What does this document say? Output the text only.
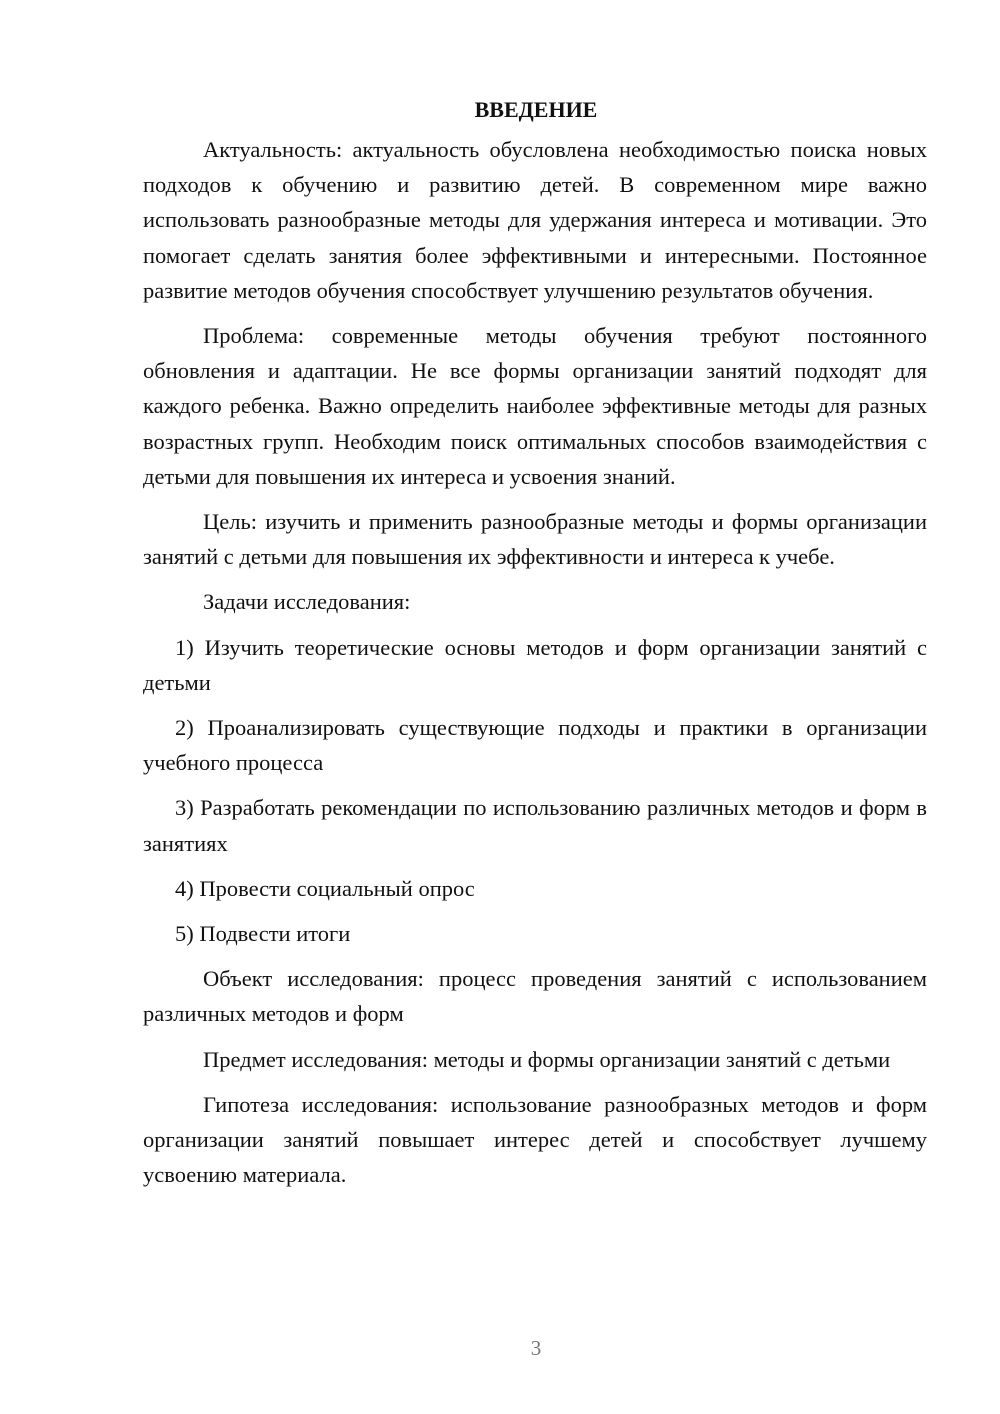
ВВЕДЕНИЕ

Актуальность: актуальность обусловлена необходимостью поиска новых подходов к обучению и развитию детей. В современном мире важно использовать разнообразные методы для удержания интереса и мотивации. Это помогает сделать занятия более эффективными и интересными. Постоянное развитие методов обучения способствует улучшению результатов обучения.

Проблема: современные методы обучения требуют постоянного обновления и адаптации. Не все формы организации занятий подходят для каждого ребенка. Важно определить наиболее эффективные методы для разных возрастных групп. Необходим поиск оптимальных способов взаимодействия с детьми для повышения их интереса и усвоения знаний.

Цель: изучить и применить разнообразные методы и формы организации занятий с детьми для повышения их эффективности и интереса к учебе.

Задачи исследования:

1) Изучить теоретические основы методов и форм организации занятий с детьми

2) Проанализировать существующие подходы и практики в организации учебного процесса

3) Разработать рекомендации по использованию различных методов и форм в занятиях

4) Провести социальный опрос

5) Подвести итоги

Объект исследования: процесс проведения занятий с использованием различных методов и форм

Предмет исследования: методы и формы организации занятий с детьми

Гипотеза исследования: использование разнообразных методов и форм организации занятий повышает интерес детей и способствует лучшему усвоению материала.

3
